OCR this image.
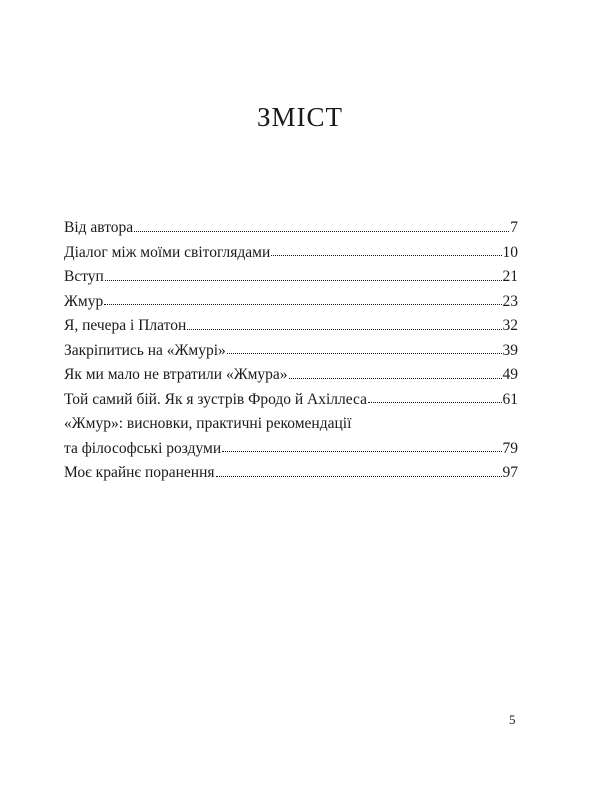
ЗМІСТ
Від автора	7
Діалог між моїми світоглядами	10
Вступ	21
Жмур	23
Я, печера і Платон	32
Закріпитись на «Жмурі»	39
Як ми мало не втратили «Жмура»	49
Той самий бій. Як я зустрів Фродо й Ахіллеса	61
«Жмур»: висновки, практичні рекомендації
та філософські роздуми	79
Моє крайнє поранення	97
5
